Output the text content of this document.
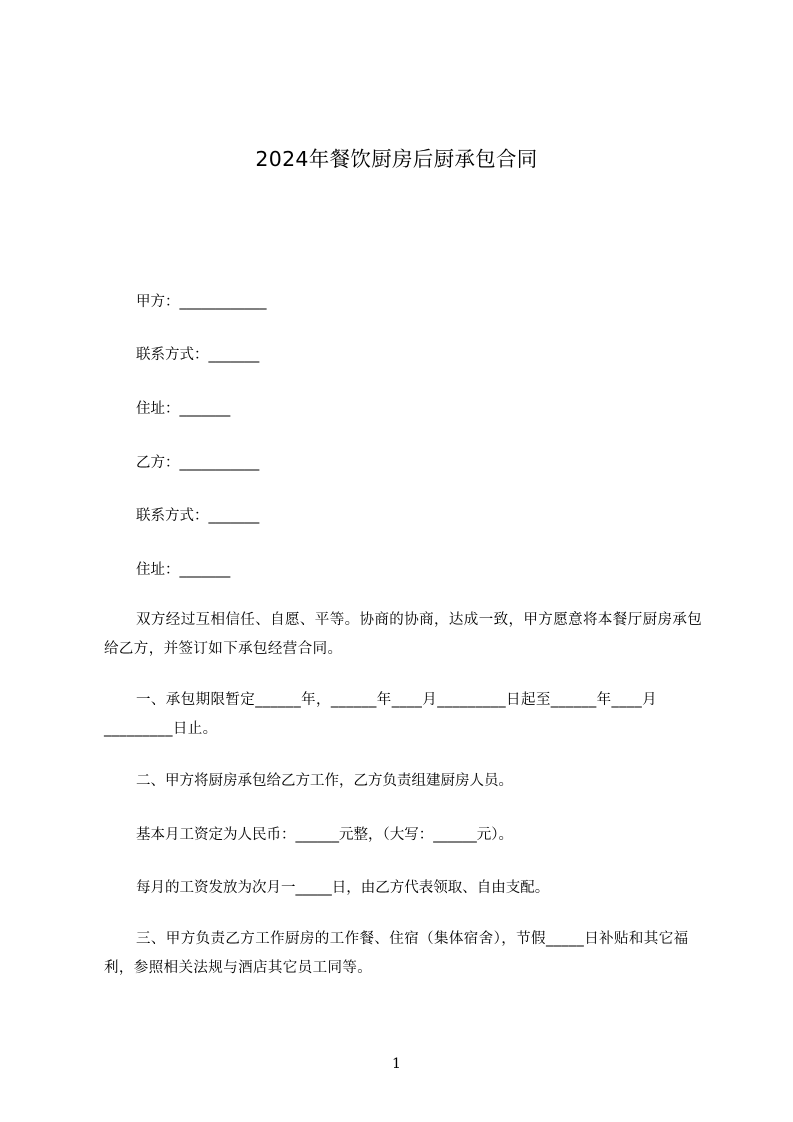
2024年餐饮厨房后厨承包合同

甲方：____________

联系方式：_______

住址：_______

乙方：___________

联系方式：_______

住址：_______

双方经过互相信任、自愿、平等。协商的协商，达成一致，甲方愿意将本餐厅厨房承包给乙方，并签订如下承包经营合同。

一、承包期限暂定______年，______年____月_________日起至______年____月_________日止。

二、甲方将厨房承包给乙方工作，乙方负责组建厨房人员。

基本月工资定为人民币：______元整，（大写：______元）。

每月的工资发放为次月一_____日，由乙方代表领取、自由支配。

三、甲方负责乙方工作厨房的工作餐、住宿（集体宿舍），节假_____日补贴和其它福利，参照相关法规与酒店其它员工同等。

1
